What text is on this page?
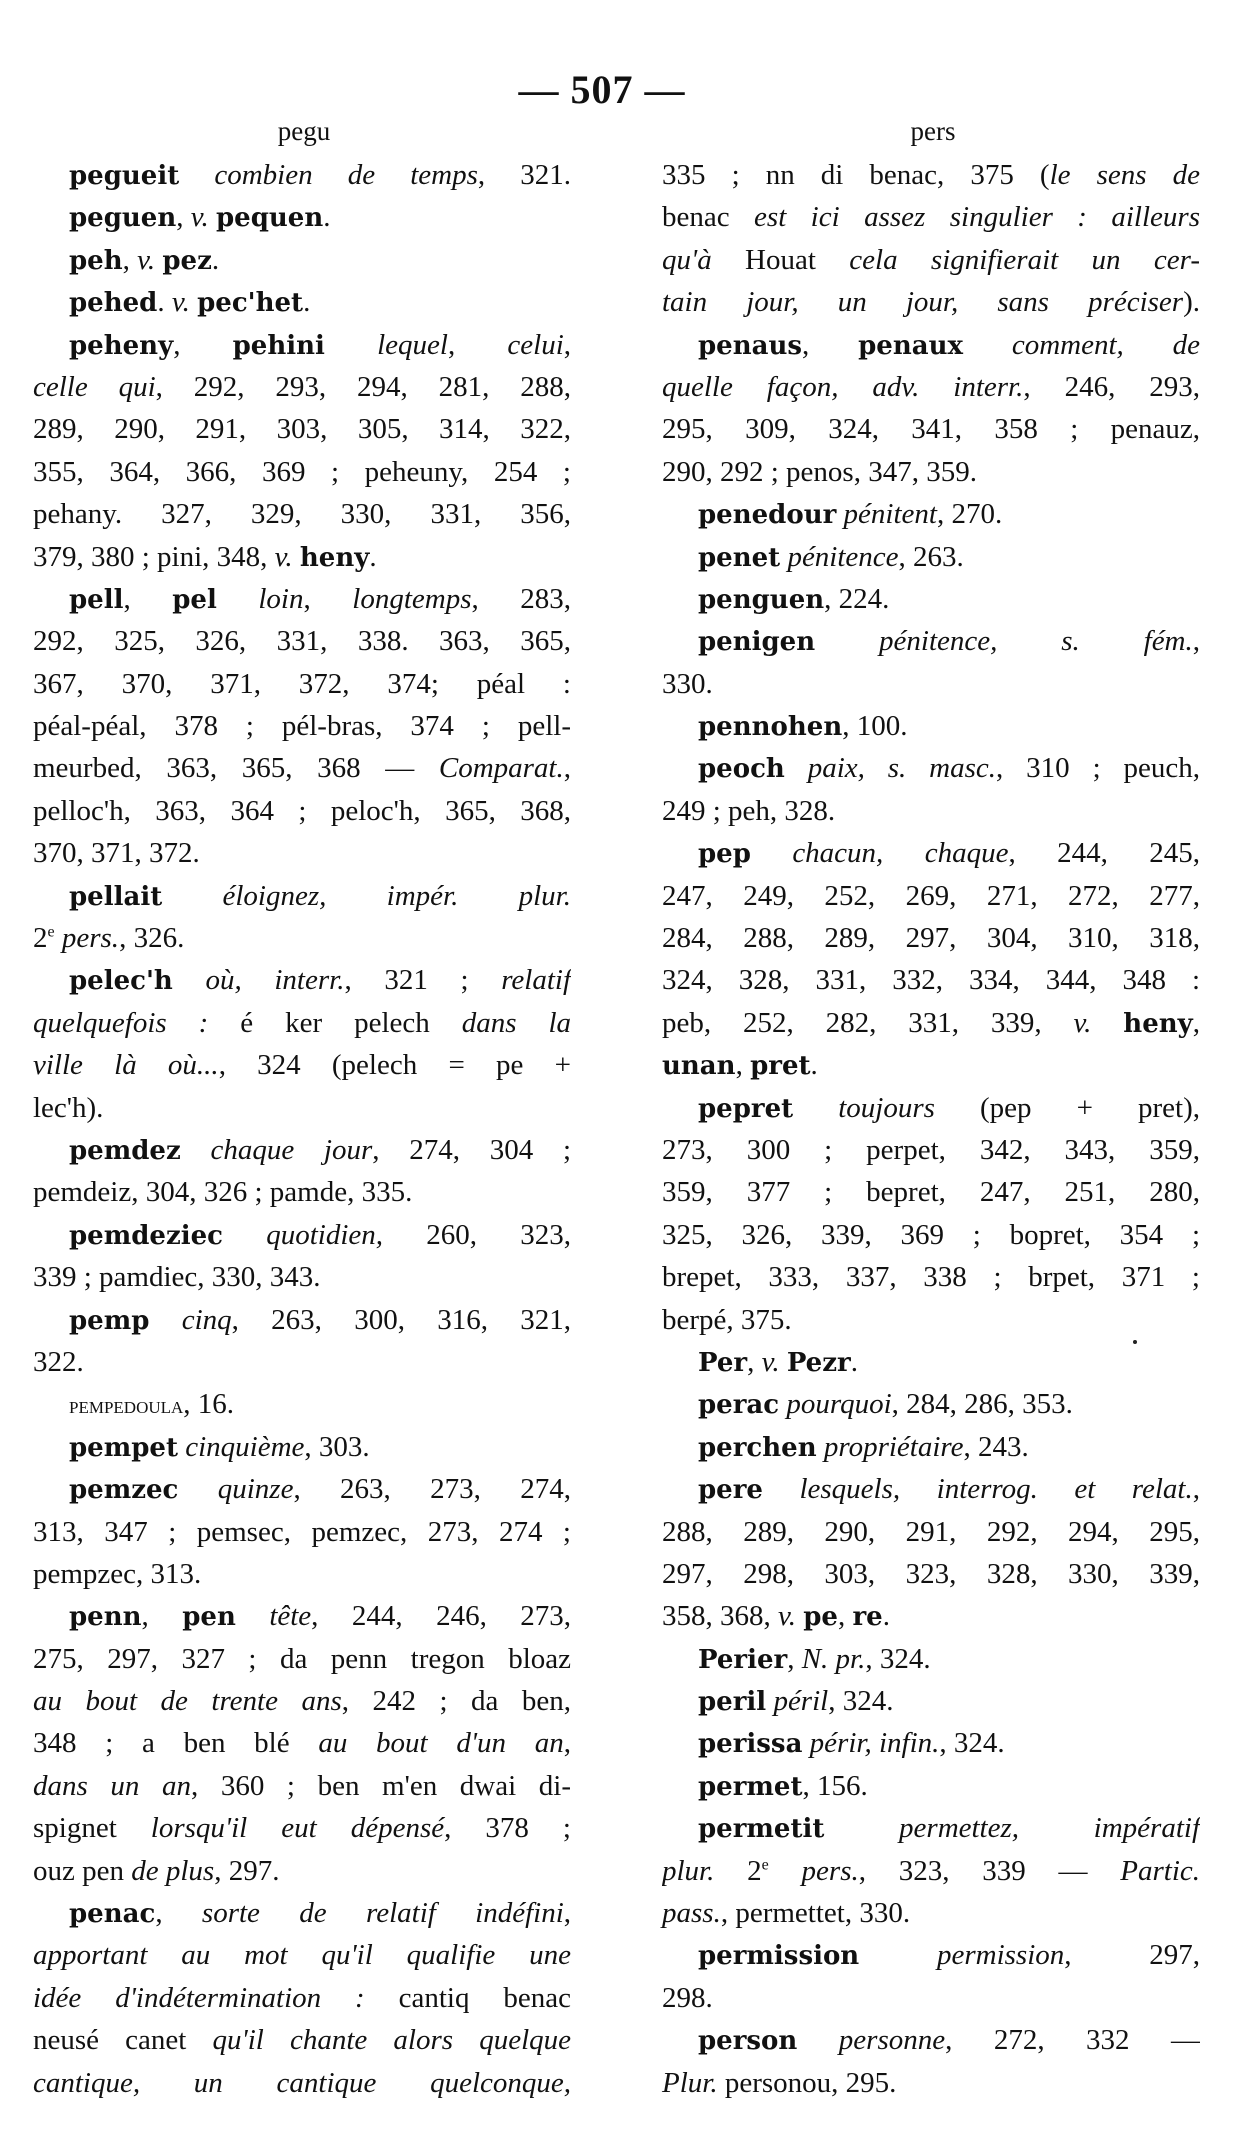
— 507 —
pegu	pers
pegueit combien de temps, 321.
peguen, v. pequen.
peh, v. pez.
pehed. v. pec'het.
peheny, pehini lequel, celui,
celle qui, 292, 293, 294, 281, 288,
289, 290, 291, 303, 305, 314, 322,
355, 364, 366, 369 ; peheuny, 254 ;
pehany. 327, 329, 330, 331, 356,
379, 380 ; pini, 348, v. heny.
pell, pel loin, longtemps, 283,
292, 325, 326, 331, 338. 363, 365,
367, 370, 371, 372, 374; péal :
péal-péal, 378 ; pél-bras, 374 ; pell-
meurbed, 363, 365, 368 — Comparat.,
pelloc'h, 363, 364 ; peloc'h, 365, 368,
370, 371, 372.
pellait éloignez, impér. plur.
2e pers., 326.
pelec'h où, interr., 321 ; relatif
quelquefois : é ker pelech dans la
ville là où..., 324 (pelech = pe +
lec'h).
pemdez chaque jour, 274, 304 ;
pemdeiz, 304, 326 ; pamde, 335.
pemdeziec quotidien, 260, 323,
339 ; pamdiec, 330, 343.
pemp cinq, 263, 300, 316, 321,
322.
pempedoula, 16.
pempet cinquième, 303.
pemzec quinze, 263, 273, 274,
313, 347 ; pemsec, pemzec, 273, 274 ;
pempzec, 313.
penn, pen tête, 244, 246, 273,
275, 297, 327 ; da penn tregon bloaz
au bout de trente ans, 242 ; da ben,
348 ; a ben blé au bout d'un an,
dans un an, 360 ; ben m'en dwai di-
spignet lorsqu'il eut dépensé, 378 ;
ouz pen de plus, 297.
penac, sorte de relatif indéfini,
apportant au mot qu'il qualifie une
idée d'indétermination : cantiq benac
neusé canet qu'il chante alors quelque
cantique, un cantique quelconque,
335 ; nn di benac, 375 (le sens de
benac est ici assez singulier : ailleurs
qu'à Houat cela signifierait un cer-
tain jour, un jour, sans préciser).
penaus, penaux comment, de
quelle façon, adv. interr., 246, 293,
295, 309, 324, 341, 358 ; penauz,
290, 292 ; penos, 347, 359.
penedour pénitent, 270.
penet pénitence, 263.
penguen, 224.
penigen pénitence, s. fém.,
330.
pennohen, 100.
peoch paix, s. masc., 310 ; peuch,
249 ; peh, 328.
pep chacun, chaque, 244, 245,
247, 249, 252, 269, 271, 272, 277,
284, 288, 289, 297, 304, 310, 318,
324, 328, 331, 332, 334, 344, 348 :
peb, 252, 282, 331, 339, v. heny,
unan, pret.
pepret toujours (pep + pret),
273, 300 ; perpet, 342, 343, 359,
359, 377 ; bepret, 247, 251, 280,
325, 326, 339, 369 ; bopret, 354 ;
brepet, 333, 337, 338 ; brpet, 371 ;
berpé, 375.
Per, v. Pezr.
perac pourquoi, 284, 286, 353.
perchen propriétaire, 243.
pere lesquels, interrog. et relat.,
288, 289, 290, 291, 292, 294, 295,
297, 298, 303, 323, 328, 330, 339,
358, 368, v. pe, re.
Perier, N. pr., 324.
peril péril, 324.
perissa périr, infin., 324.
permet, 156.
permetit	permettez, impératif
plur. 2e pers., 323, 339 — Partic.
pass., permettet, 330.
permission	permission, 297,
298.
person personne, 272, 332 —
Plur. personou, 295.
